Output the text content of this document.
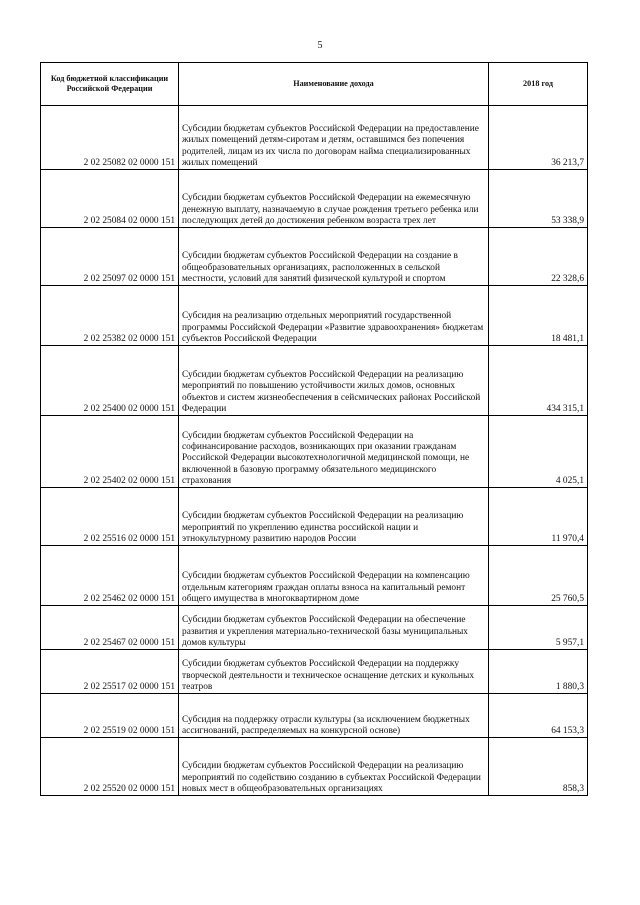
5
Код бюджетной классификации Российской Федерации	Наименование дохода	2018 год
2 02 25082 02 0000 151	Субсидии бюджетам субъектов Российской Федерации на предоставление жилых помещений детям-сиротам и детям, оставшимся без попечения родителей, лицам из их числа по договорам найма специализированных жилых помещений	36 213,7
2 02 25084 02 0000 151	Субсидии бюджетам субъектов Российской Федерации на ежемесячную денежную выплату, назначаемую в случае рождения третьего ребенка или последующих детей до достижения ребенком возраста трех лет	53 338,9
2 02 25097 02 0000 151	Субсидии бюджетам субъектов Российской Федерации на создание в общеобразовательных организациях, расположенных в сельской местности, условий для занятий физической культурой и спортом	22 328,6
2 02 25382 02 0000 151	Субсидия на реализацию отдельных мероприятий государственной программы Российской Федерации «Развитие здравоохранения» бюджетам субъектов Российской Федерации	18 481,1
2 02 25400 02 0000 151	Субсидии бюджетам субъектов Российской Федерации на реализацию мероприятий по повышению устойчивости жилых домов, основных объектов и систем жизнеобеспечения в сейсмических районах Российской Федерации	434 315,1
2 02 25402 02 0000 151	Субсидии бюджетам субъектов Российской Федерации на софинансирование расходов, возникающих при оказании гражданам Российской Федерации высокотехнологичной медицинской помощи, не включенной в базовую программу обязательного медицинского страхования	4 025,1
2 02 25516 02 0000 151	Субсидии бюджетам субъектов Российской Федерации на реализацию мероприятий по укреплению единства российской нации и этнокультурному развитию народов России	11 970,4
2 02 25462 02 0000 151	Субсидии бюджетам субъектов Российской Федерации на компенсацию отдельным категориям граждан оплаты взноса на капитальный ремонт общего имущества в многоквартирном доме	25 760,5
2 02 25467 02 0000 151	Субсидии бюджетам субъектов Российской Федерации на обеспечение развития и укрепления материально-технической базы муниципальных домов культуры	5 957,1
2 02 25517 02 0000 151	Субсидии бюджетам субъектов Российской Федерации на поддержку творческой деятельности и техническое оснащение детских и кукольных театров	1 880,3
2 02 25519 02 0000 151	Субсидия на поддержку отрасли культуры (за исключением бюджетных ассигнований, распределяемых на конкурсной основе)	64 153,3
2 02 25520 02 0000 151	Субсидии бюджетам субъектов Российской Федерации на реализацию мероприятий по содействию созданию в субъектах Российской Федерации новых мест в общеобразовательных организациях	858,3
